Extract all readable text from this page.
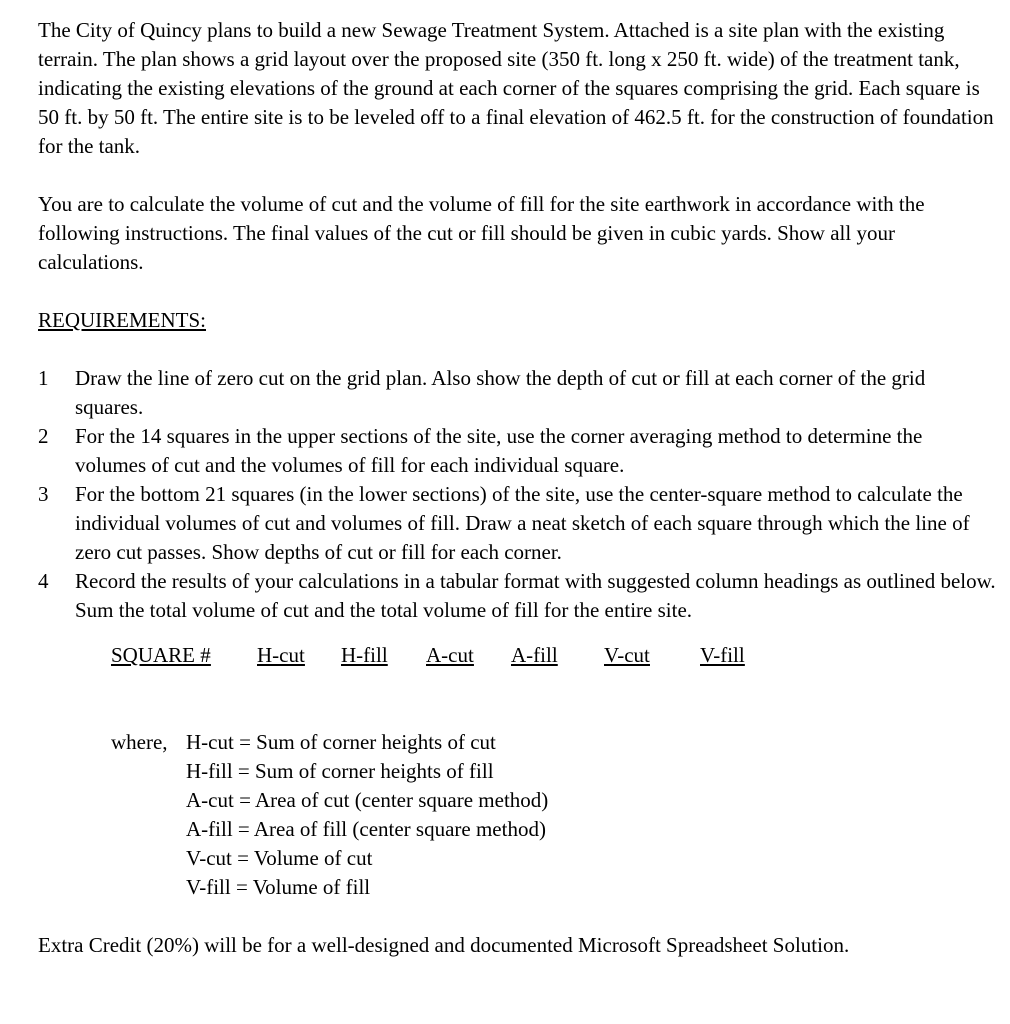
The City of Quincy plans to build a new Sewage Treatment System. Attached is a site plan with the existing terrain. The plan shows a grid layout over the proposed site (350 ft. long x 250 ft. wide) of the treatment tank, indicating the existing elevations of the ground at each corner of the squares comprising the grid. Each square is 50 ft. by 50 ft. The entire site is to be leveled off to a final elevation of 462.5 ft. for the construction of foundation for the tank.

You are to calculate the volume of cut and the volume of fill for the site earthwork in accordance with the following instructions. The final values of the cut or fill should be given in cubic yards. Show all your calculations.

REQUIREMENTS:
1	Draw the line of zero cut on the grid plan. Also show the depth of cut or fill at each corner of the grid squares.
2	For the 14 squares in the upper sections of the site, use the corner averaging method to determine the volumes of cut and the volumes of fill for each individual square.
3	For the bottom 21 squares (in the lower sections) of the site, use the center-square method to calculate the individual volumes of cut and volumes of fill. Draw a neat sketch of each square through which the line of zero cut passes. Show depths of cut or fill for each corner.
4	Record the results of your calculations in a tabular format with suggested column headings as outlined below. Sum the total volume of cut and the total volume of fill for the entire site.
SQUARE #	H-cut	H-fill	A-cut	A-fill	V-cut	V-fill
where, H-cut = Sum of corner heights of cut
H-fill = Sum of corner heights of fill
A-cut = Area of cut (center square method)
A-fill = Area of fill (center square method)
V-cut = Volume of cut
V-fill = Volume of fill

Extra Credit (20%) will be for a well-designed and documented Microsoft Spreadsheet Solution.
